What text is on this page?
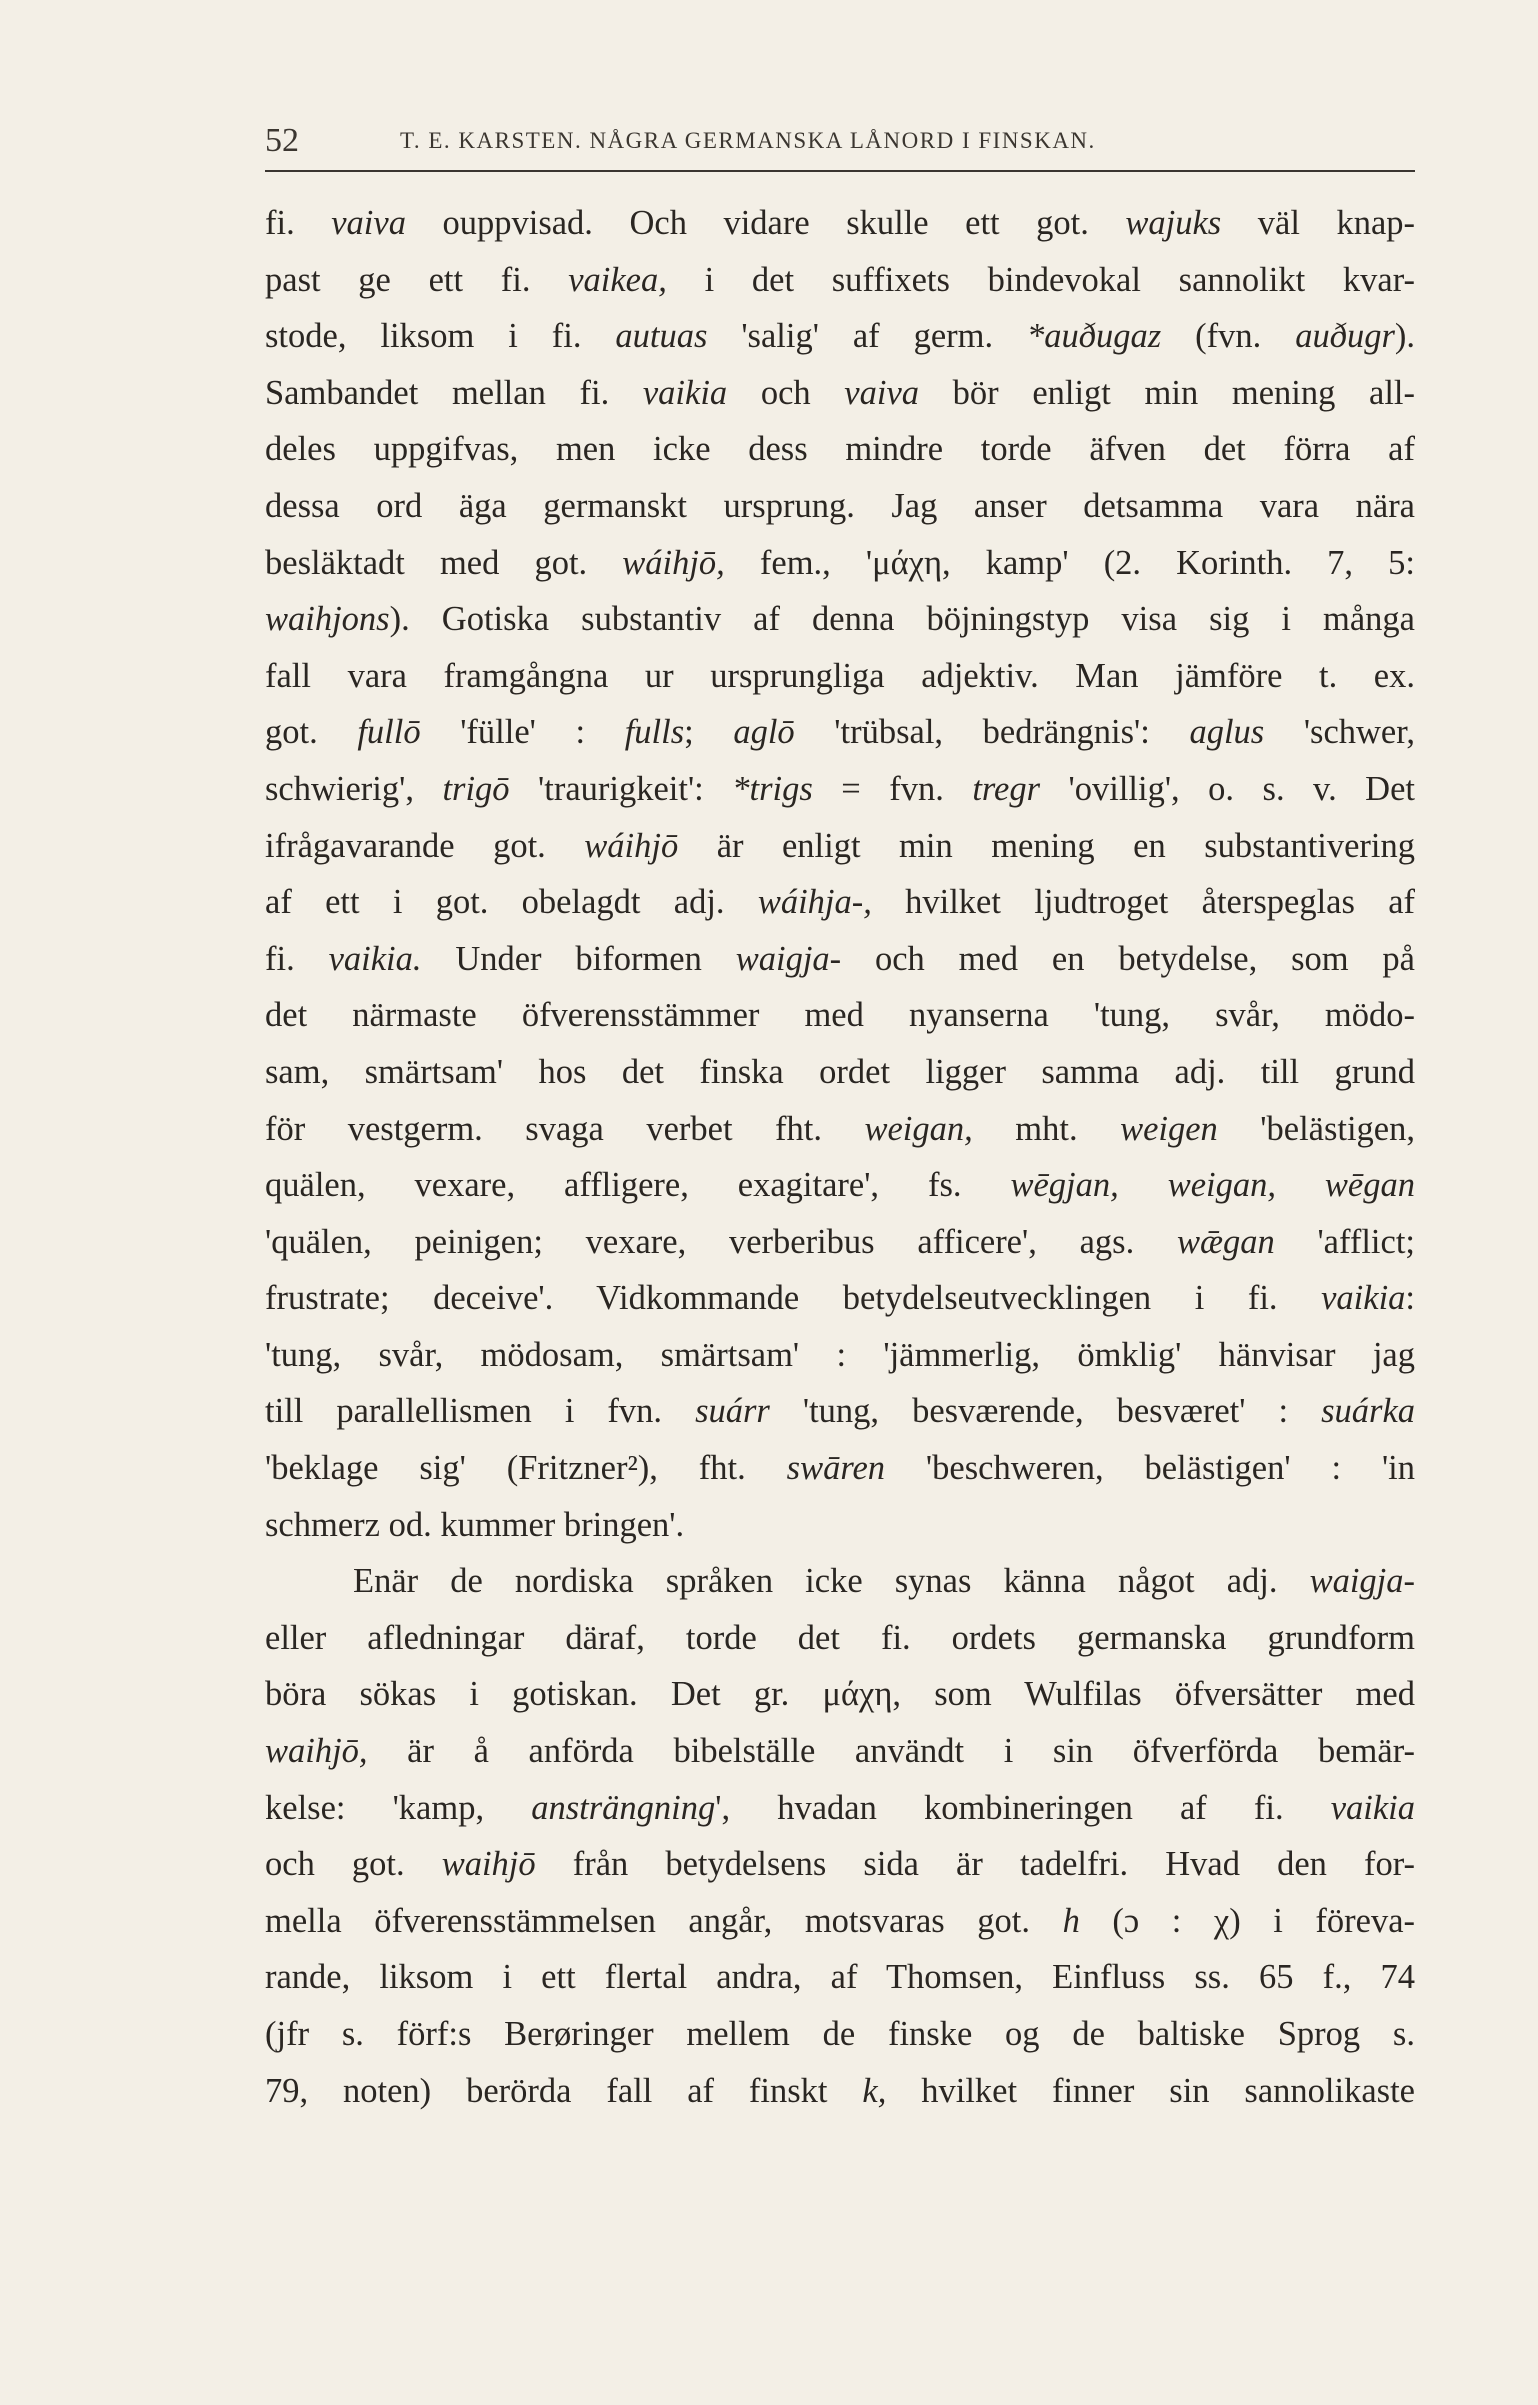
52	T. E. KARSTEN. NÅGRA GERMANSKA LÅNORD I FINSKAN.
fi. vaiva ouppvisad. Och vidare skulle ett got. wajuks väl knap-
past ge ett fi. vaikea, i det suffixets bindevokal sannolikt kvar-
stode, liksom i fi. autuas 'salig' af germ. *auðugaz (fvn. auðugr).
Sambandet mellan fi. vaikia och vaiva bör enligt min mening all-
deles uppgifvas, men icke dess mindre torde äfven det förra af
dessa ord äga germanskt ursprung. Jag anser detsamma vara nära
besläktadt med got. wáihjō, fem., 'μάχη, kamp' (2. Korinth. 7, 5:
waihjons). Gotiska substantiv af denna böjningstyp visa sig i många
fall vara framgångna ur ursprungliga adjektiv. Man jämföre t. ex.
got. fullō 'fülle' : fulls; aglō 'trübsal, bedrängnis': aglus 'schwer,
schwierig', trigō 'traurigkeit': *trigs = fvn. tregr 'ovillig', o. s. v. Det
ifrågavarande got. wáihjō är enligt min mening en substantivering
af ett i got. obelagdt adj. wáihja-, hvilket ljudtroget återspeglas af
fi. vaikia. Under biformen waigja- och med en betydelse, som på
det närmaste öfverensstämmer med nyanserna 'tung, svår, mödo-
sam, smärtsam' hos det finska ordet ligger samma adj. till grund
för vestgerm. svaga verbet fht. weigan, mht. weigen 'belästigen,
quälen, vexare, affligere, exagitare', fs. wēgjan, weigan, wēgan
'quälen, peinigen; vexare, verberibus afficere', ags. wǣgan 'afflict;
frustrate; deceive'. Vidkommande betydelseutvecklingen i fi. vaikia:
'tung, svår, mödosam, smärtsam' : 'jämmerlig, ömklig' hänvisar jag
till parallellismen i fvn. suárr 'tung, besværende, besværet' : suárka
'beklage sig' (Fritzner²), fht. swāren 'beschweren, belästigen' : 'in
schmerz od. kummer bringen'.
Enär de nordiska språken icke synas känna något adj. waigja-
eller afledningar däraf, torde det fi. ordets germanska grundform
böra sökas i gotiskan. Det gr. μάχη, som Wulfilas öfversätter med
waihjō, är å anförda bibelställe användt i sin öfverförda bemär-
kelse: 'kamp, ansträngning', hvadan kombineringen af fi. vaikia
och got. waihjō från betydelsens sida är tadelfri. Hvad den for-
mella öfverensstämmelsen angår, motsvaras got. h (ɔ : χ) i föreva-
rande, liksom i ett flertal andra, af Thomsen, Einfluss ss. 65 f., 74
(jfr s. förf:s Berøringer mellem de finske og de baltiske Sprog s.
79, noten) berörda fall af finskt k, hvilket finner sin sannolikaste
